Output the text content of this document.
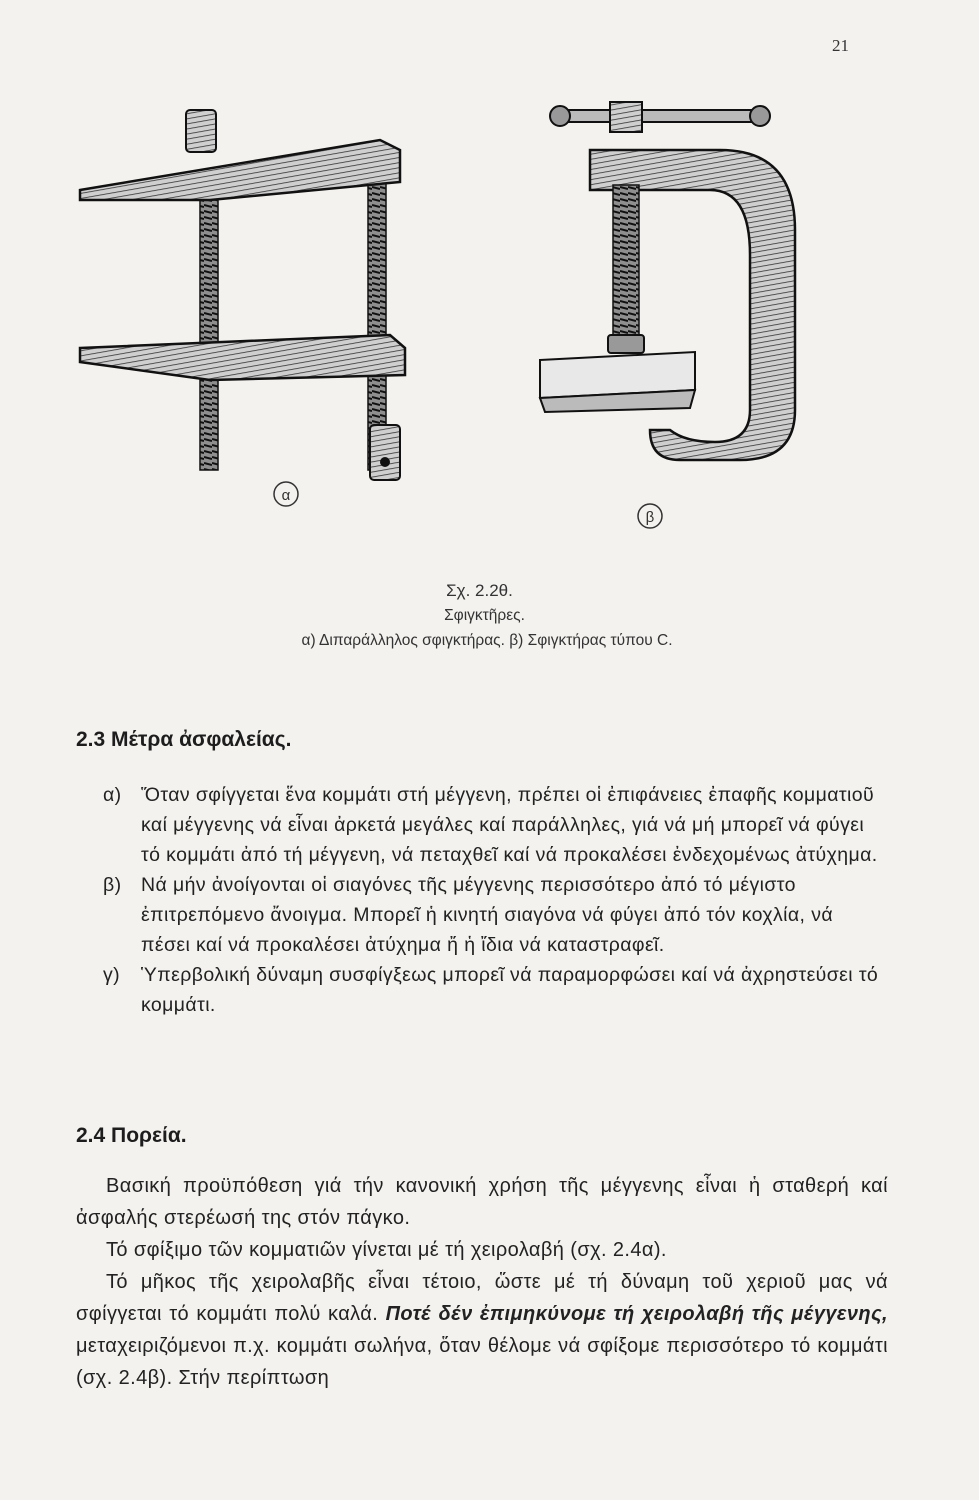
21
α
β
Σχ. 2.2θ.
Σφιγκτῆρες.
α) Διπαράλληλος σφιγκτήρας. β) Σφιγκτήρας τύπου C.
2.3 Μέτρα ἀσφαλείας.
α) Ὅταν σφίγγεται ἕνα κομμάτι στή μέγγενη, πρέπει οἱ ἐπιφάνειες ἐπαφῆς κομματιοῦ καί μέγγενης νά εἶναι ἀρκετά μεγάλες καί παράλληλες, γιά νά μή μπορεῖ νά φύγει τό κομμάτι ἀπό τή μέγγενη, νά πεταχθεῖ καί νά προκαλέσει ἐνδεχομένως ἀτύχημα.
β) Νά μήν ἀνοίγονται οἱ σιαγόνες τῆς μέγγενης περισσότερο ἀπό τό μέγιστο ἐπιτρεπόμενο ἄνοιγμα. Μπορεῖ ἡ κινητή σιαγόνα νά φύγει ἀπό τόν κοχλία, νά πέσει καί νά προκαλέσει ἀτύχημα ἤ ἡ ἴδια νά καταστραφεῖ.
γ) Ὑπερβολική δύναμη συσφίγξεως μπορεῖ νά παραμορφώσει καί νά ἀχρηστεύσει τό κομμάτι.
2.4 Πορεία.

Βασική προϋπόθεση γιά τήν κανονική χρήση τῆς μέγγενης εἶναι ἡ σταθερή καί ἀσφαλής στερέωσή της στόν πάγκο.

Τό σφίξιμο τῶν κομματιῶν γίνεται μέ τή χειρολαβή (σχ. 2.4α).

Τό μῆκος τῆς χειρολαβῆς εἶναι τέτοιο, ὥστε μέ τή δύναμη τοῦ χεριοῦ μας νά σφίγγεται τό κομμάτι πολύ καλά. Ποτέ δέν ἐπιμηκύνομε τή χειρολαβή τῆς μέγγενης, μεταχειριζόμενοι π.χ. κομμάτι σωλήνα, ὅταν θέλομε νά σφίξομε περισσότερο τό κομμάτι (σχ. 2.4β). Στήν περίπτωση
